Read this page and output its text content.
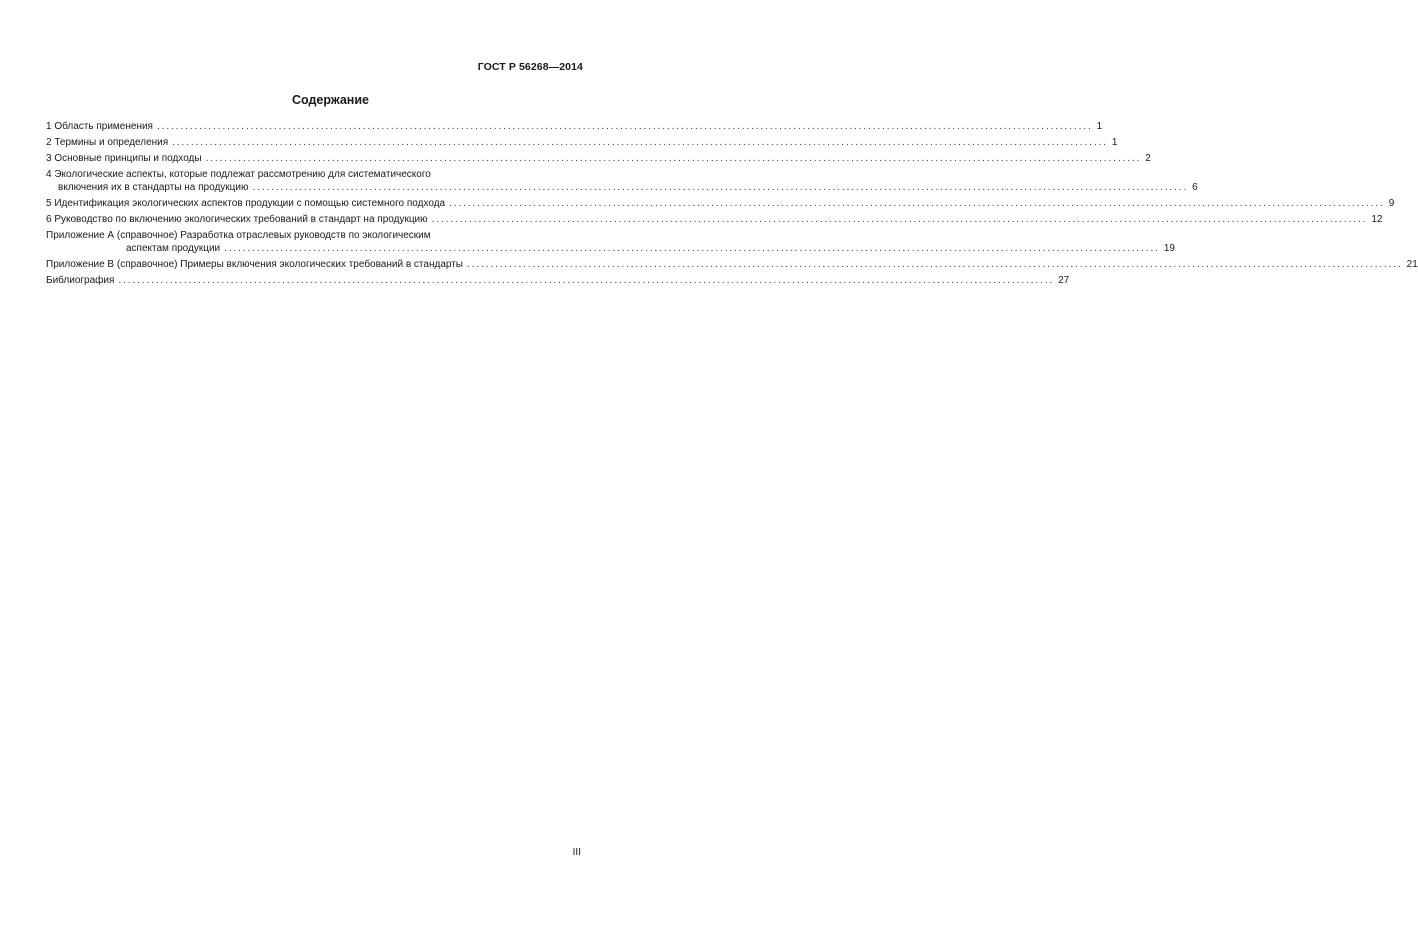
ГОСТ Р 56268—2014
Содержание
1 Область применения ........................................................................................................................................................................................................ 1
2 Термины и определения ........................................................................................................................................................................................................ 1
3 Основные принципы и подходы ........................................................................................................................................................................................................ 2
4 Экологические аспекты, которые подлежат рассмотрению для систематического
включения их в стандарты на продукцию ........................................................................................................................................................................................................ 6
5 Идентификация экологических аспектов продукции с помощью системного подхода ........................................................................................................................................................................................................ 9
6 Руководство по включению экологических требований в стандарт на продукцию ........................................................................................................................................................................................................ 12
Приложение А (справочное) Разработка отраслевых руководств по экологическим
аспектам продукции ........................................................................................................................................................................................................ 19
Приложение В (справочное) Примеры включения экологических требований в стандарты ........................................................................................................................................................................................................ 21
Библиография ........................................................................................................................................................................................................ 27
III
